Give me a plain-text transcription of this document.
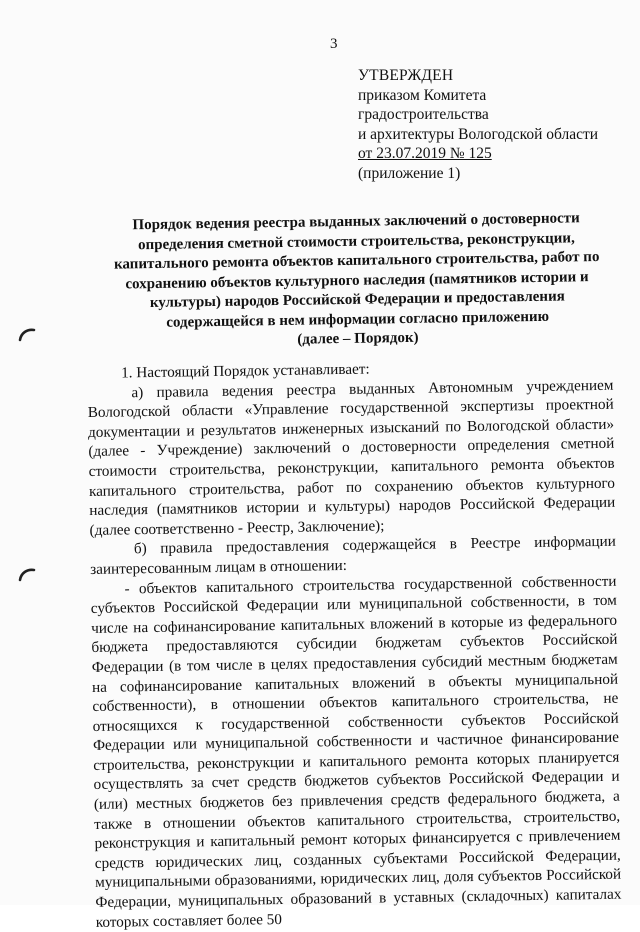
3
УТВЕРЖДЕН
приказом Комитета
градостроительства
и архитектуры Вологодской области
от 23.07.2019 № 125
(приложение 1)
Порядок ведения реестра выданных заключений о достоверности
определения сметной стоимости строительства, реконструкции,
капитального ремонта объектов капитального строительства, работ по
сохранению объектов культурного наследия (памятников истории и
культуры) народов Российской Федерации и предоставления
содержащейся в нем информации согласно приложению
(далее – Порядок)

1. Настоящий Порядок устанавливает:

а) правила ведения реестра выданных Автономным учреждением Вологодской области «Управление государственной экспертизы проектной документации и результатов инженерных изысканий по Вологодской области» (далее - Учреждение) заключений о достоверности определения сметной стоимости строительства, реконструкции, капитального ремонта объектов капитального строительства, работ по сохранению объектов культурного наследия (памятников истории и культуры) народов Российской Федерации (далее соответственно - Реестр, Заключение);

б) правила предоставления содержащейся в Реестре информации заинтересованным лицам в отношении:

- объектов капитального строительства государственной собственности субъектов Российской Федерации или муниципальной собственности, в том числе на софинансирование капитальных вложений в которые из федерального бюджета предоставляются субсидии бюджетам субъектов Российской Федерации (в том числе в целях предоставления субсидий местным бюджетам на софинансирование капитальных вложений в объекты муниципальной собственности), в отношении объектов капитального строительства, не относящихся к государственной собственности субъектов Российской Федерации или муниципальной собственности и частичное финансирование строительства, реконструкции и капитального ремонта которых планируется осуществлять за счет средств бюджетов субъектов Российской Федерации и (или) местных бюджетов без привлечения средств федерального бюджета, а также в отношении объектов капитального строительства, строительство, реконструкция и капитальный ремонт которых финансируется с привлечением средств юридических лиц, созданных субъектами Российской Федерации, муниципальными образованиями, юридических лиц, доля субъектов Российской Федерации, муниципальных образований в уставных (складочных) капиталах которых составляет более 50
